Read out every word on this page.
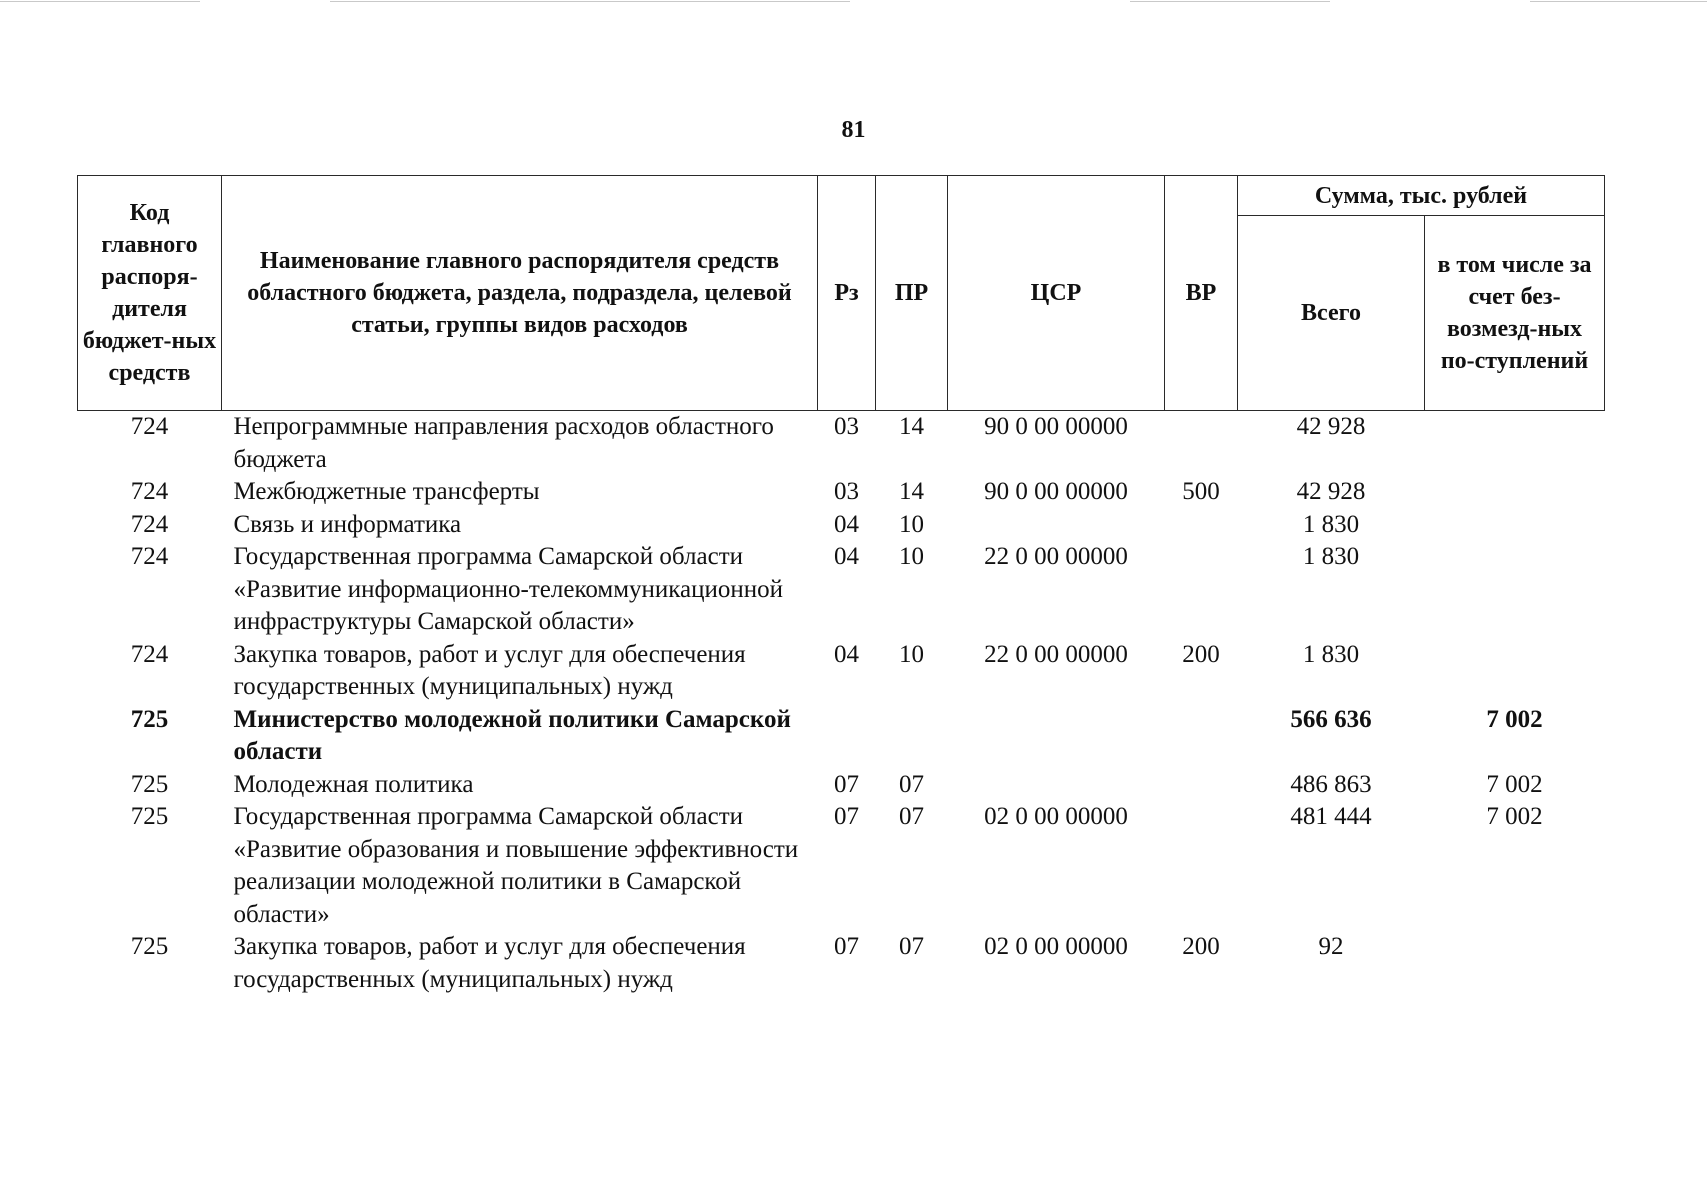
81
Код главного распоря-дителя бюджет-ных средств	Наименование главного распорядителя средств областного бюджета, раздела, подраздела, целевой статьи, группы видов расходов	Рз	ПР	ЦСР	ВР	Сумма, тыс. рублей	
						Всего	в том числе за счет без-возмезд-ных по-ступлений
724	Непрограммные направления расходов областного бюджета	03	14	90 0 00 00000		42 928	
724	Межбюджетные трансферты	03	14	90 0 00 00000	500	42 928	
724	Связь и информатика	04	10			1 830	
724	Государственная программа Самарской области «Развитие информационно-телекоммуникационной инфраструктуры Самарской области»	04	10	22 0 00 00000		1 830	
724	Закупка товаров, работ и услуг для обеспечения государственных (муниципальных) нужд	04	10	22 0 00 00000	200	1 830	
725	Министерство молодежной политики Самарской области					566 636	7 002
725	Молодежная политика	07	07			486 863	7 002
725	Государственная программа Самарской области «Развитие образования и повышение эффективности реализации молодежной политики в Самарской области»	07	07	02 0 00 00000		481 444	7 002
725	Закупка товаров, работ и услуг для обеспечения государственных (муниципальных) нужд	07	07	02 0 00 00000	200	92	
